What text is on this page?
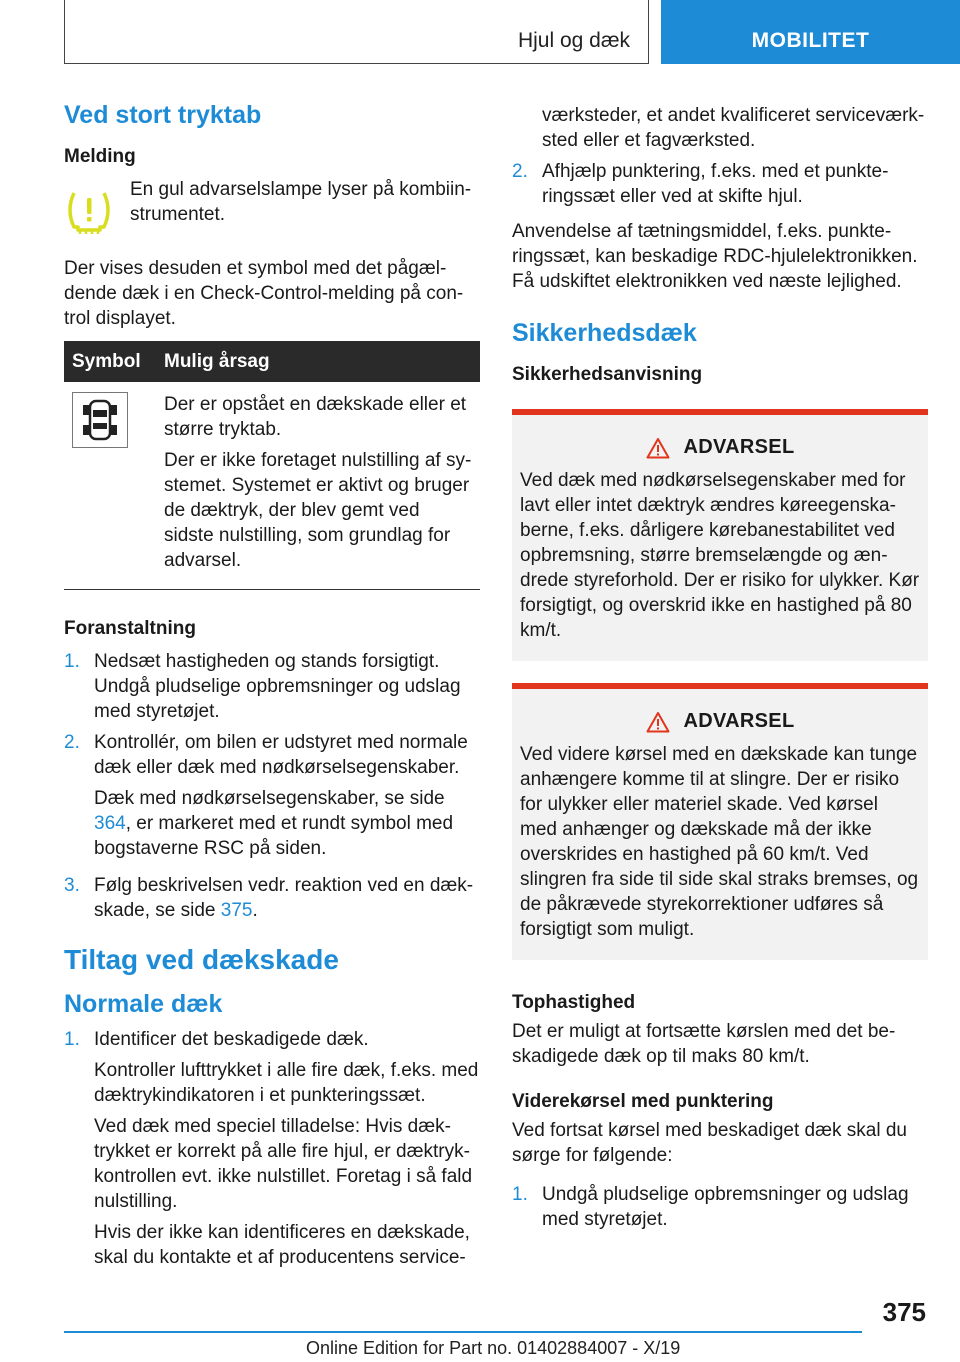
Hjul og dæk	MOBILITET
Ved stort tryktab
Melding
En gul advarselslampe lyser på kombiinstrumentet.

Der vises desuden et symbol med det pågældende dæk i en Check-Control-melding på control displayet.

Symbol	Mulig årsag

Der er opstået en dækskade eller et større tryktab.

Der er ikke foretaget nulstilling af systemet. Systemet er aktivt og bruger de dæktryk, der blev gemt ved sidste nulstilling, som grundlag for advarsel.

Foranstaltning
1. Nedsæt hastigheden og stands forsigtigt. Undgå pludselige opbremsninger og udslag med styretøjet.
2. Kontrollér, om bilen er udstyret med normale dæk eller dæk med nødkørselsegenskaber.

Dæk med nødkørselsegenskaber, se side 364, er markeret med et rundt symbol med bogstaverne RSC på siden.

3. Følg beskrivelsen vedr. reaktion ved en dækskade, se side 375.
Tiltag ved dækskade
Normale dæk
1. Identificer det beskadigede dæk.

Kontroller lufttrykket i alle fire dæk, f.eks. med dæktrykindikatoren i et punkteringssæt.

Ved dæk med speciel tilladelse: Hvis dæktrykket er korrekt på alle fire hjul, er dæktrykkontrollen evt. ikke nulstillet. Foretag i så fald nulstilling.

Hvis der ikke kan identificeres en dækskade, skal du kontakte et af producentens service-

værksteder, et andet kvalificeret serviceværksted eller et fagværksted.
2. Afhjælp punktering, f.eks. med et punkteringssæt eller ved at skifte hjul.

Anvendelse af tætningsmiddel, f.eks. punkteringssæt, kan beskadige RDC-hjulelektronikken. Få udskiftet elektronikken ved næste lejlighed.

Sikkerhedsdæk
Sikkerhedsanvisning
ADVARSEL

Ved dæk med nødkørselsegenskaber med for lavt eller intet dæktryk ændres køreegenskaberne, f.eks. dårligere kørebanestabilitet ved opbremsning, større bremselængde og ændrede styreforhold. Der er risiko for ulykker. Kør forsigtigt, og overskrid ikke en hastighed på 80 km/t.

ADVARSEL

Ved videre kørsel med en dækskade kan tunge anhængere komme til at slingre. Der er risiko for ulykker eller materiel skade. Ved kørsel med anhænger og dækskade må der ikke overskrides en hastighed på 60 km/t. Ved slingren fra side til side skal straks bremses, og de påkrævede styrekorrektioner udføres så forsigtigt som muligt.

Tophastighed

Det er muligt at fortsætte kørslen med det beskadigede dæk op til maks 80 km/t.

Viderekørsel med punktering

Ved fortsat kørsel med beskadiget dæk skal du sørge for følgende:

1. Undgå pludselige opbremsninger og udslag med styretøjet.
375
Online Edition for Part no. 01402884007 - X/19
